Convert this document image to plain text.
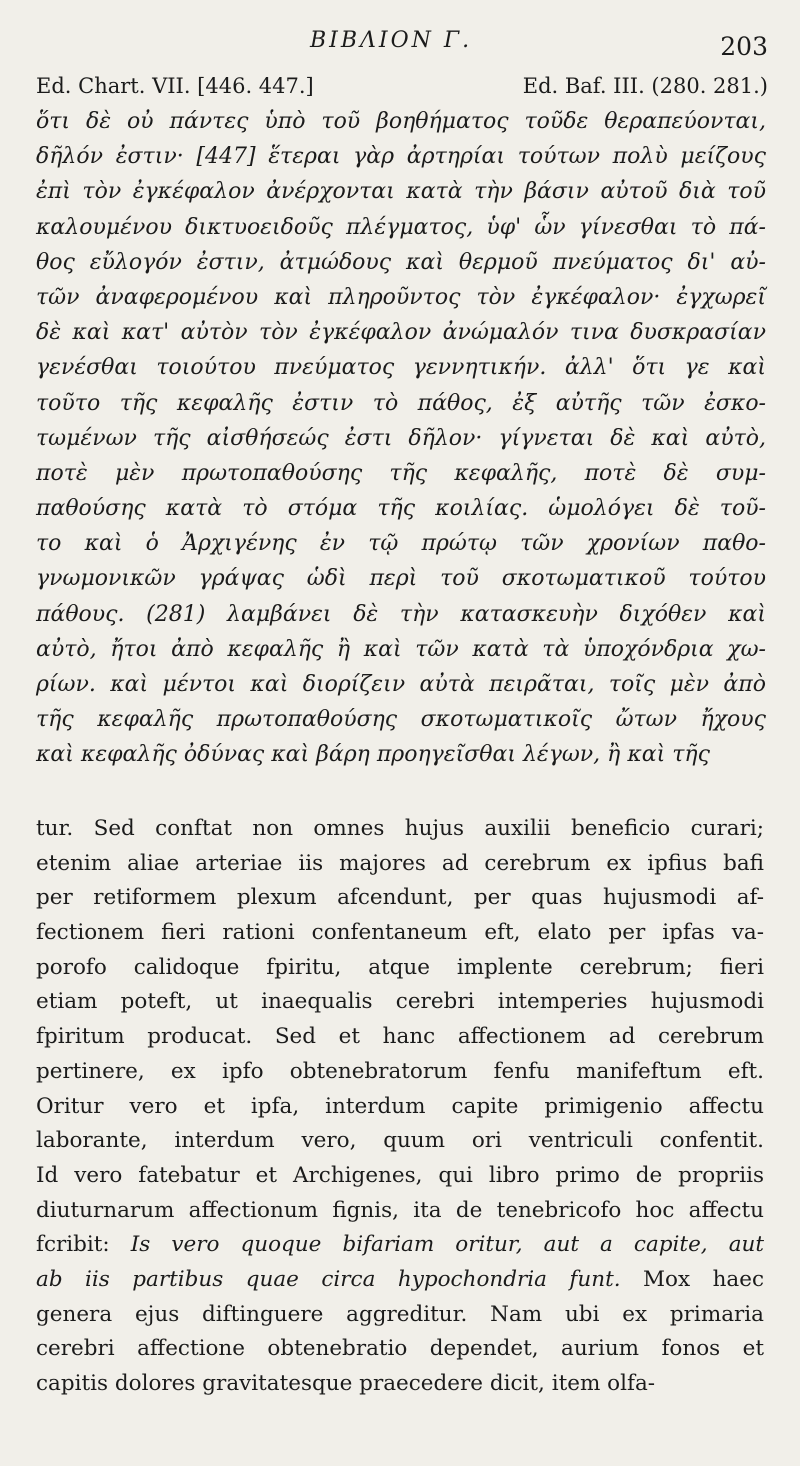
BIBΛION Γ.	203
Ed. Chart. VII. [446. 447.]	Ed. Baf. III. (280. 281.)
ὅτι δὲ οὐ πάντες ὑπὸ τοῦ βοηθήματος τοῦδε θεραπεύονται,
δῆλόν ἐστιν· [447] ἕτεραι γὰρ ἀρτηρίαι τούτων πολὺ μείζους
ἐπὶ τὸν ἐγκέφαλον ἀνέρχονται κατὰ τὴν βάσιν αὐτοῦ διὰ τοῦ
καλουμένου δικτυοειδοῦς πλέγματος, ὑφ' ὧν γίνεσθαι τὸ πά-
θος εὔλογόν ἐστιν, ἀτμώδους καὶ θερμοῦ πνεύματος δι' αὐ-
τῶν ἀναφερομένου καὶ πληροῦντος τὸν ἐγκέφαλον· ἐγχωρεῖ
δὲ καὶ κατ' αὐτὸν τὸν ἐγκέφαλον ἀνώμαλόν τινα δυσκρασίαν
γενέσθαι τοιούτου πνεύματος γεννητικήν. ἀλλ' ὅτι γε καὶ
τοῦτο τῆς κεφαλῆς ἐστιν τὸ πάθος, ἐξ αὐτῆς τῶν ἐσκο-
τωμένων τῆς αἰσθήσεώς ἐστι δῆλον· γίγνεται δὲ καὶ αὐτὸ,
ποτὲ μὲν πρωτοπαθούσης τῆς κεφαλῆς, ποτὲ δὲ συμ-
παθούσης κατὰ τὸ στόμα τῆς κοιλίας. ὡμολόγει δὲ τοῦ-
το καὶ ὁ Ἀρχιγένης ἐν τῷ πρώτῳ τῶν χρονίων παθο-
γνωμονικῶν γράψας ὡδὶ περὶ τοῦ σκοτωματικοῦ τούτου
πάθους. (281) λαμβάνει δὲ τὴν κατασκευὴν διχόθεν καὶ
αὐτὸ, ἤτοι ἀπὸ κεφαλῆς ἢ καὶ τῶν κατὰ τὰ ὑποχόνδρια χω-
ρίων. καὶ μέντοι καὶ διορίζειν αὐτὰ πειρᾶται, τοῖς μὲν ἀπὸ
τῆς κεφαλῆς πρωτοπαθούσης σκοτωματικοῖς ὤτων ἤχους
καὶ κεφαλῆς ὀδύνας καὶ βάρη προηγεῖσθαι λέγων, ἢ καὶ τῆς
tur. Sed conftat non omnes hujus auxilii beneficio curari;
etenim aliae arteriae iis majores ad cerebrum ex ipfius bafi
per retiformem plexum afcendunt, per quas hujusmodi af-
fectionem fieri rationi confentaneum eft, elato per ipfas va-
porofo calidoque fpiritu, atque implente cerebrum; fieri
etiam poteft, ut inaequalis cerebri intemperies hujusmodi
fpiritum producat. Sed et hanc affectionem ad cerebrum
pertinere, ex ipfo obtenebratorum fenfu manifeftum eft.
Oritur vero et ipfa, interdum capite primigenio affectu
laborante, interdum vero, quum ori ventriculi confentit.
Id vero fatebatur et Archigenes, qui libro primo de propriis
diuturnarum affectionum fignis, ita de tenebricofo hoc affectu
fcribit: Is vero quoque bifariam oritur, aut a capite, aut
ab iis partibus quae circa hypochondria funt. Mox haec
genera ejus diftinguere aggreditur. Nam ubi ex primaria
cerebri affectione obtenebratio dependet, aurium fonos et
capitis dolores gravitatesque praecedere dicit, item olfa-
